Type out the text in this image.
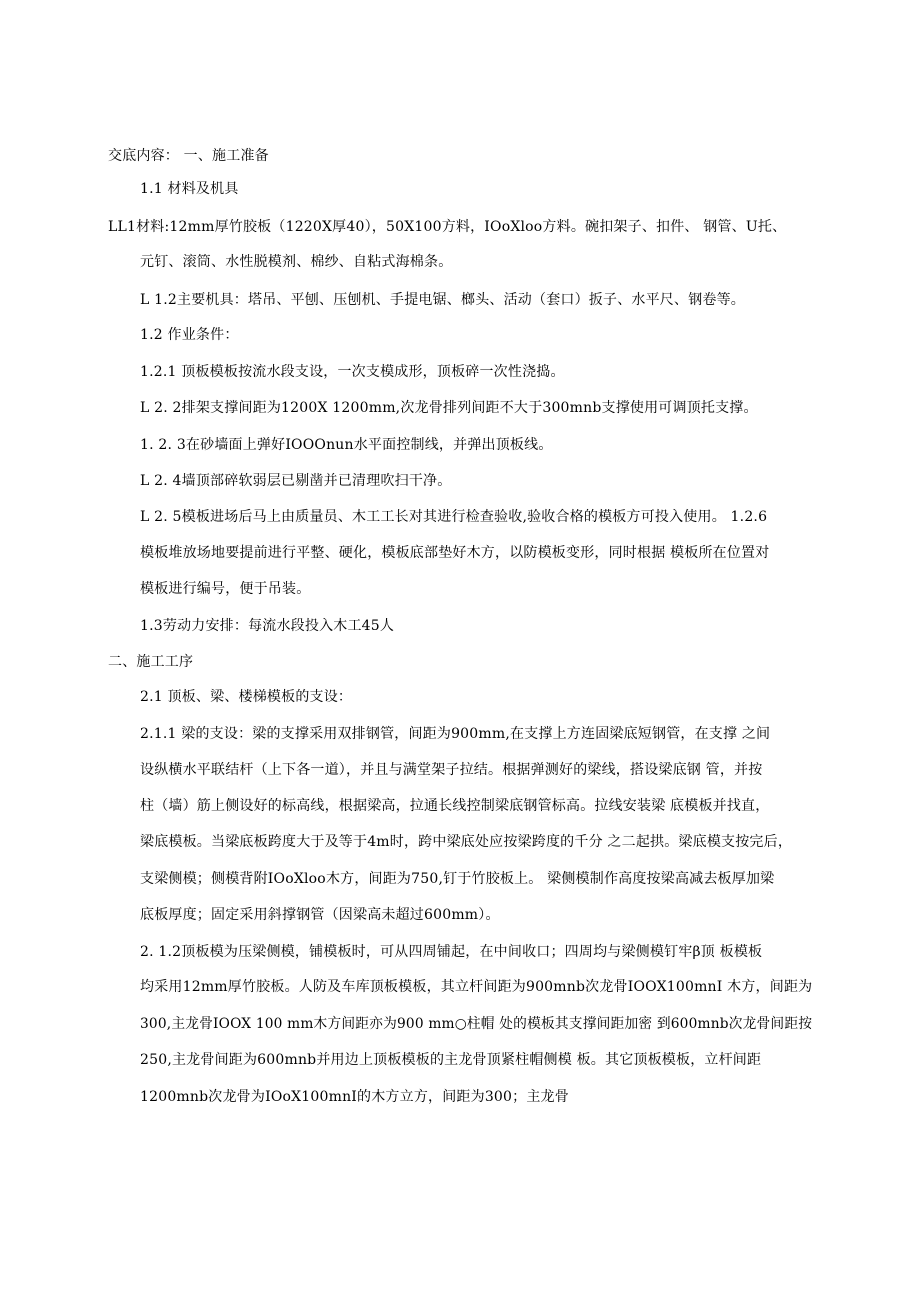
交底内容： 一、施工准备
1.1 材料及机具
LL1材料:12mm厚竹胶板（1220X厚40），50X100方料，IOoXloo方料。碗扣架子、扣件、 钢管、U托、
元钉、滚筒、水性脱模剂、棉纱、自粘式海棉条。
L 1.2主要机具：塔吊、平刨、压刨机、手提电锯、榔头、活动（套口）扳子、水平尺、钢卷等。
1.2 作业条件：
1.2.1 顶板模板按流水段支设，一次支模成形，顶板碎一次性浇捣。
L 2. 2排架支撑间距为1200X 1200mm,次龙骨排列间距不大于300mnb支撑使用可调顶托支撑。
1. 2. 3在砂墙面上弹好IOOOnun水平面控制线，并弹出顶板线。
L 2. 4墙顶部碎软弱层已剔凿并已清理吹扫干净。
L 2. 5模板进场后马上由质量员、木工工长对其进行检查验收,验收合格的模板方可投入使用。 1.2.6
模板堆放场地要提前进行平整、硬化，模板底部垫好木方，以防模板变形，同时根据 模板所在位置对
模板进行编号，便于吊装。
1.3劳动力安排：每流水段投入木工45人
二、施工工序
2.1 顶板、梁、楼梯模板的支设：
2.1.1 梁的支设：梁的支撑采用双排钢管，间距为900mm,在支撑上方连固梁底短钢管，在支撑 之间
设纵横水平联结杆（上下各一道），并且与满堂架子拉结。根据弹测好的梁线，搭设梁底钢 管，并按
柱（墙）筋上侧设好的标高线，根据梁高，拉通长线控制梁底钢管标高。拉线安装梁 底模板并找直，
梁底模板。当梁底板跨度大于及等于4m时，跨中梁底处应按梁跨度的千分 之二起拱。梁底模支按完后，
支梁侧模；侧模背附IOoXloo木方，间距为750,钉于竹胶板上。 梁侧模制作高度按梁高减去板厚加梁
底板厚度；固定采用斜撑钢管（因梁高未超过600mm）。
2. 1.2顶板模为压梁侧模，铺模板时，可从四周铺起，在中间收口；四周均与梁侧模钉牢β顶 板模板
均采用12mm厚竹胶板。人防及车库顶板模板，其立杆间距为900mnb次龙骨IOOX100mnI 木方，间距为
300,主龙骨IOOX 100 mm木方间距亦为900 mm○柱帽 处的模板其支撑间距加密 到600mnb次龙骨间距按
250,主龙骨间距为600mnb并用边上顶板模板的主龙骨顶紧柱帽侧模 板。其它顶板模板，立杆间距
1200mnb次龙骨为IOoX100mnI的木方立方，间距为300；主龙骨
